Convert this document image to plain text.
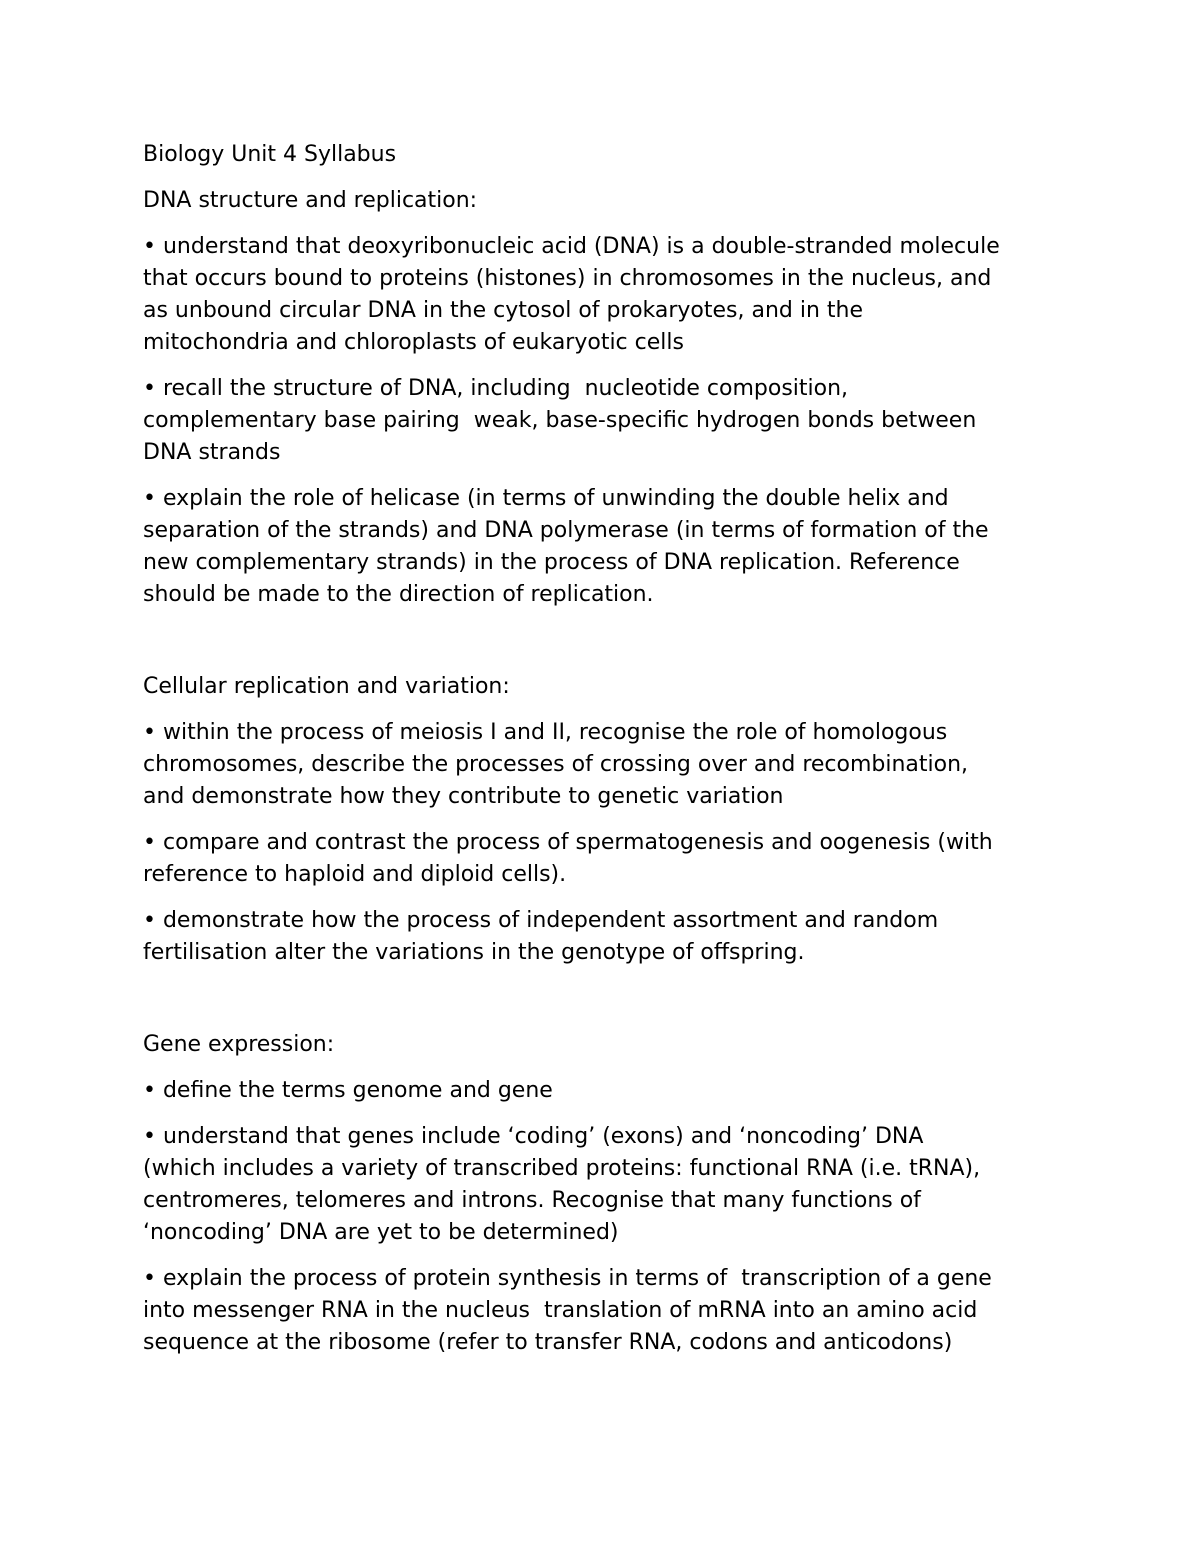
Biology Unit 4 Syllabus

DNA structure and replication:

• understand that deoxyribonucleic acid (DNA) is a double-stranded molecule

that occurs bound to proteins (histones) in chromosomes in the nucleus, and

as unbound circular DNA in the cytosol of prokaryotes, and in the

mitochondria and chloroplasts of eukaryotic cells

• recall the structure of DNA, including  nucleotide composition,

complementary base pairing  weak, base-specific hydrogen bonds between

DNA strands

• explain the role of helicase (in terms of unwinding the double helix and

separation of the strands) and DNA polymerase (in terms of formation of the

new complementary strands) in the process of DNA replication. Reference

should be made to the direction of replication.

Cellular replication and variation:

• within the process of meiosis I and II, recognise the role of homologous

chromosomes, describe the processes of crossing over and recombination,

and demonstrate how they contribute to genetic variation

• compare and contrast the process of spermatogenesis and oogenesis (with

reference to haploid and diploid cells).

• demonstrate how the process of independent assortment and random

fertilisation alter the variations in the genotype of offspring.

Gene expression:

• define the terms genome and gene

• understand that genes include ‘coding’ (exons) and ‘noncoding’ DNA

(which includes a variety of transcribed proteins: functional RNA (i.e. tRNA),

centromeres, telomeres and introns. Recognise that many functions of

‘noncoding’ DNA are yet to be determined)

• explain the process of protein synthesis in terms of  transcription of a gene

into messenger RNA in the nucleus  translation of mRNA into an amino acid

sequence at the ribosome (refer to transfer RNA, codons and anticodons)
